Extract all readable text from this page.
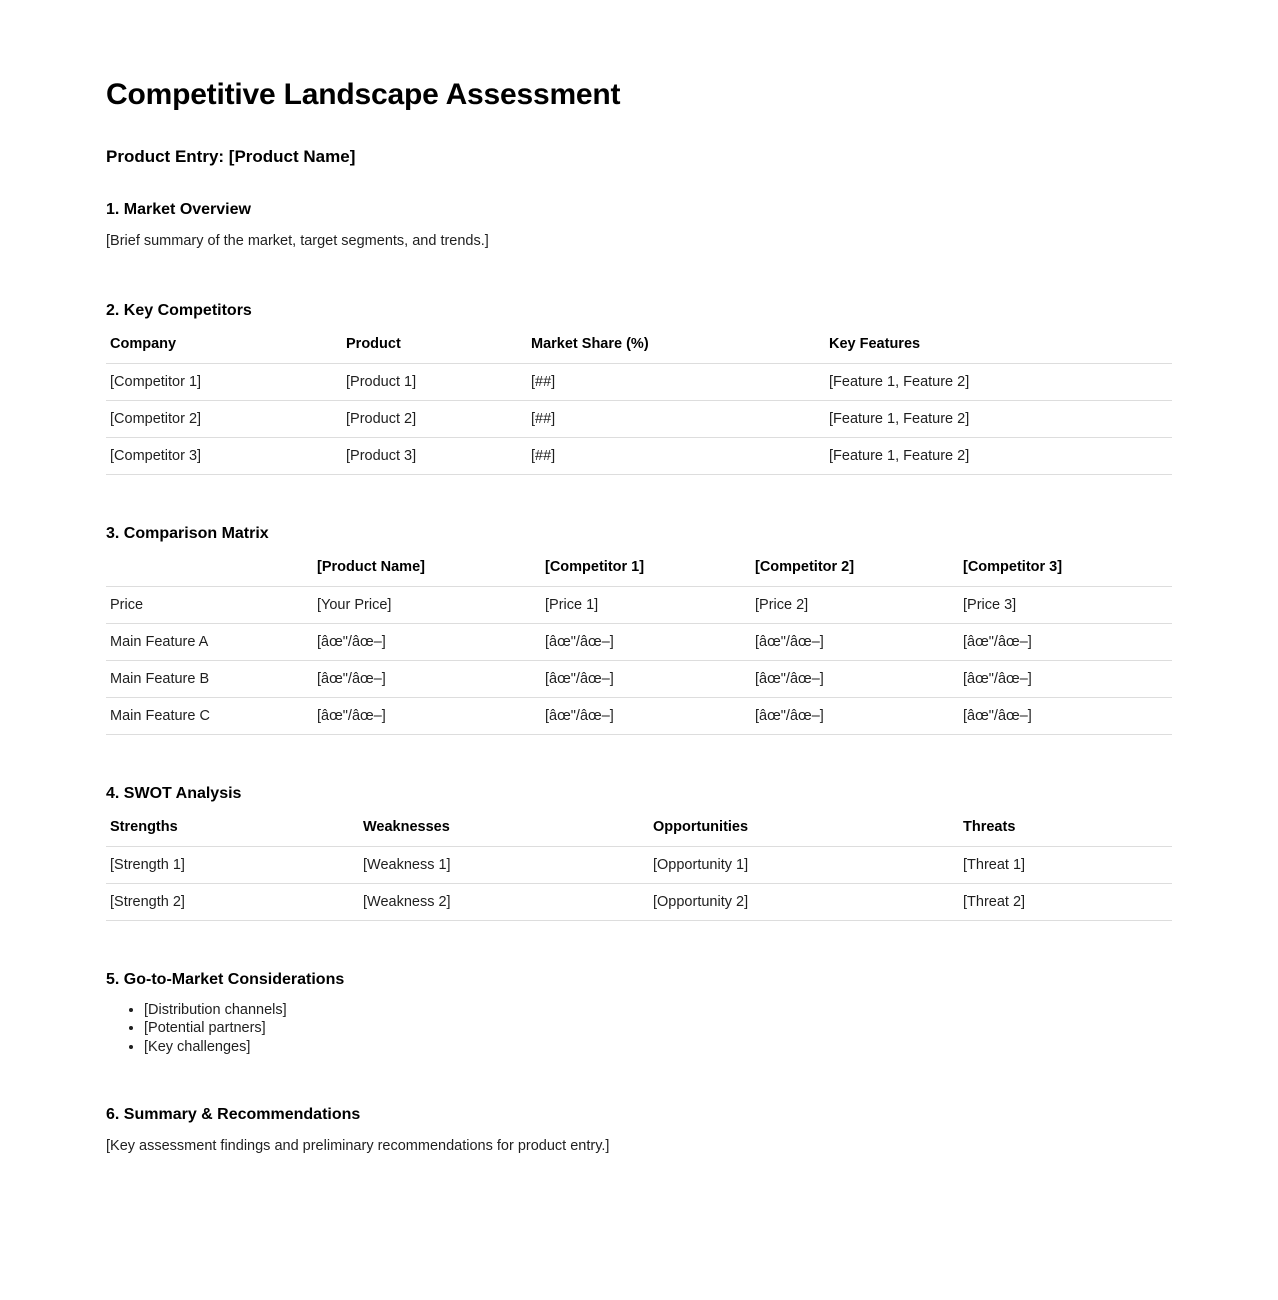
Competitive Landscape Assessment
Product Entry: [Product Name]
1. Market Overview

[Brief summary of the market, target segments, and trends.]

2. Key Competitors
Company	Product	Market Share (%)	Key Features
[Competitor 1]	[Product 1]	[##]	[Feature 1, Feature 2]
[Competitor 2]	[Product 2]	[##]	[Feature 1, Feature 2]
[Competitor 3]	[Product 3]	[##]	[Feature 1, Feature 2]
3. Comparison Matrix
	[Product Name]	[Competitor 1]	[Competitor 2]	[Competitor 3]
Price	[Your Price]	[Price 1]	[Price 2]	[Price 3]
Main Feature A	[âœ"/âœ–]	[âœ"/âœ–]	[âœ"/âœ–]	[âœ"/âœ–]
Main Feature B	[âœ"/âœ–]	[âœ"/âœ–]	[âœ"/âœ–]	[âœ"/âœ–]
Main Feature C	[âœ"/âœ–]	[âœ"/âœ–]	[âœ"/âœ–]	[âœ"/âœ–]
4. SWOT Analysis
Strengths	Weaknesses	Opportunities	Threats
[Strength 1]	[Weakness 1]	[Opportunity 1]	[Threat 1]
[Strength 2]	[Weakness 2]	[Opportunity 2]	[Threat 2]
5. Go-to-Market Considerations
• [Distribution channels]
• [Potential partners]
• [Key challenges]
6. Summary & Recommendations

[Key assessment findings and preliminary recommendations for product entry.]
